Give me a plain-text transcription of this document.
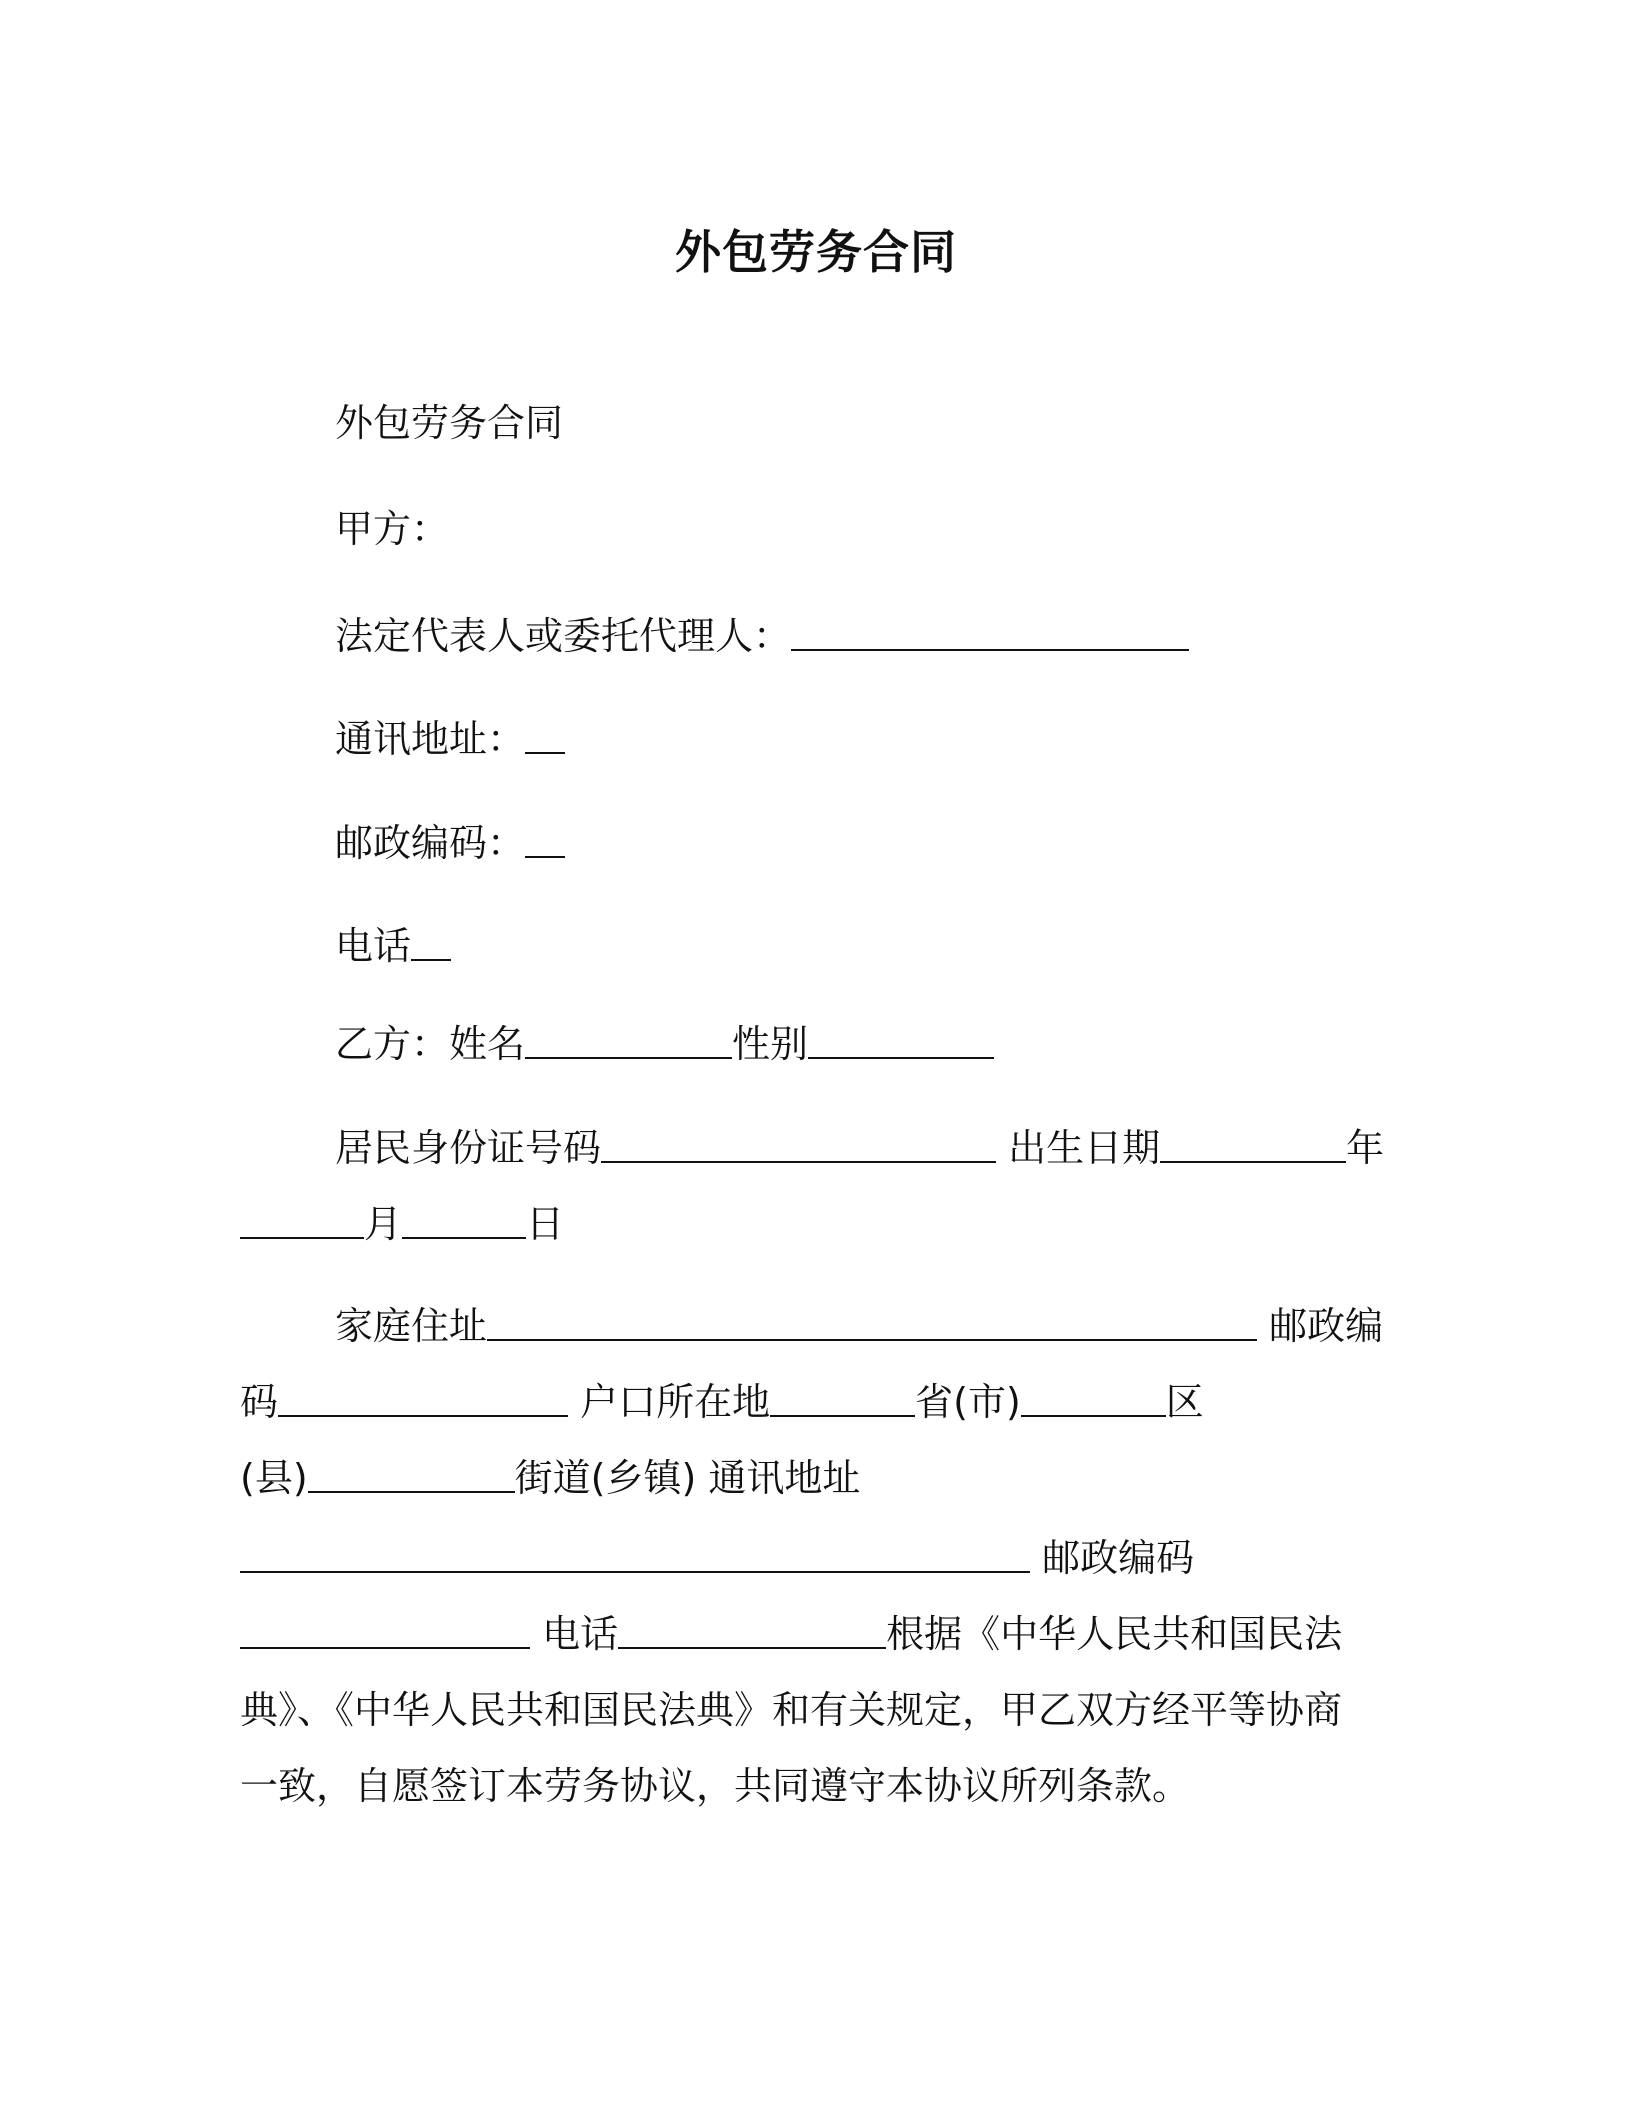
外包劳务合同
外包劳务合同
甲方：
法定代表人或委托代理人：
通讯地址：
邮政编码：
电话
乙方：姓名	性别
居民身份证号码	出生日期	年
月	日
家庭住址	邮政编
码	户口所在地	省(市)	区
(县)	街道(乡镇) 通讯地址
邮政编码
电话	根据《中华人民共和国民法
典》、《中华人民共和国民法典》和有关规定，甲乙双方经平等协商
一致，自愿签订本劳务协议，共同遵守本协议所列条款。
